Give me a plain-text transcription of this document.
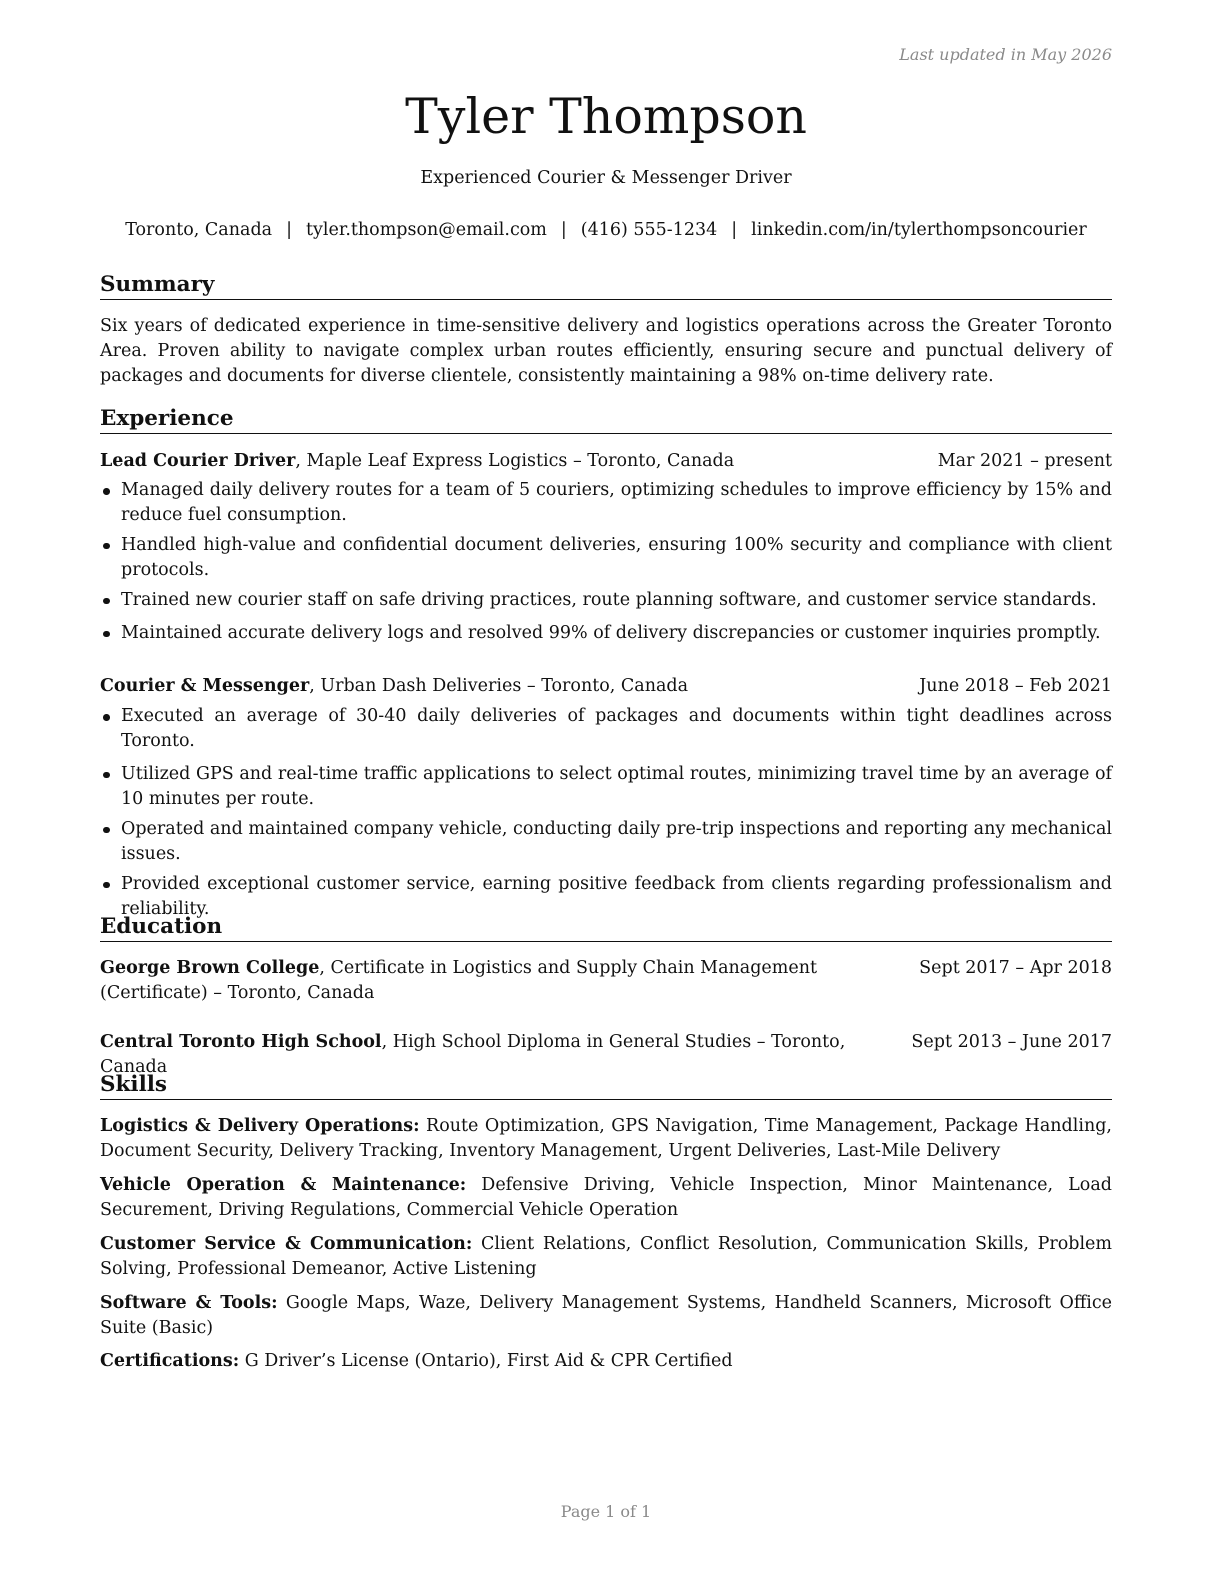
Last updated in May 2026
Tyler Thompson
Experienced Courier & Messenger Driver
Toronto, Canada | tyler.thompson@email.com | (416) 555-1234 | linkedin.com/in/tylerthompsoncourier
Summary
Six years of dedicated experience in time-sensitive delivery and logistics operations across the Greater Toronto Area. Proven ability to navigate complex urban routes efficiently, ensuring secure and punctual delivery of packages and documents for diverse clientele, consistently maintaining a 98% on-time delivery rate.
Experience
Lead Courier Driver, Maple Leaf Express Logistics – Toronto, Canada	Mar 2021 – present
Managed daily delivery routes for a team of 5 couriers, optimizing schedules to improve efficiency by 15% and reduce fuel consumption.
Handled high-value and confidential document deliveries, ensuring 100% security and compliance with client protocols.
Trained new courier staff on safe driving practices, route planning software, and customer service standards.
Maintained accurate delivery logs and resolved 99% of delivery discrepancies or customer inquiries promptly.
Courier & Messenger, Urban Dash Deliveries – Toronto, Canada	June 2018 – Feb 2021
Executed an average of 30-40 daily deliveries of packages and documents within tight deadlines across Toronto.
Utilized GPS and real-time traffic applications to select optimal routes, minimizing travel time by an average of 10 minutes per route.
Operated and maintained company vehicle, conducting daily pre-trip inspections and reporting any mechanical issues.
Provided exceptional customer service, earning positive feedback from clients regarding professionalism and reliability.
Education
George Brown College, Certificate in Logistics and Supply Chain Management (Certificate) – Toronto, Canada
Sept 2017 – Apr 2018
Central Toronto High School, High School Diploma in General Studies – Toronto, Canada
Sept 2013 – June 2017
Skills
Logistics & Delivery Operations: Route Optimization, GPS Navigation, Time Management, Package Handling, Document Security, Delivery Tracking, Inventory Management, Urgent Deliveries, Last-Mile Delivery
Vehicle Operation & Maintenance: Defensive Driving, Vehicle Inspection, Minor Maintenance, Load Securement, Driving Regulations, Commercial Vehicle Operation
Customer Service & Communication: Client Relations, Conflict Resolution, Communication Skills, Problem Solving, Professional Demeanor, Active Listening
Software & Tools: Google Maps, Waze, Delivery Management Systems, Handheld Scanners, Microsoft Office Suite (Basic)
Certifications: G Driver’s License (Ontario), First Aid & CPR Certified
Page 1 of 1
